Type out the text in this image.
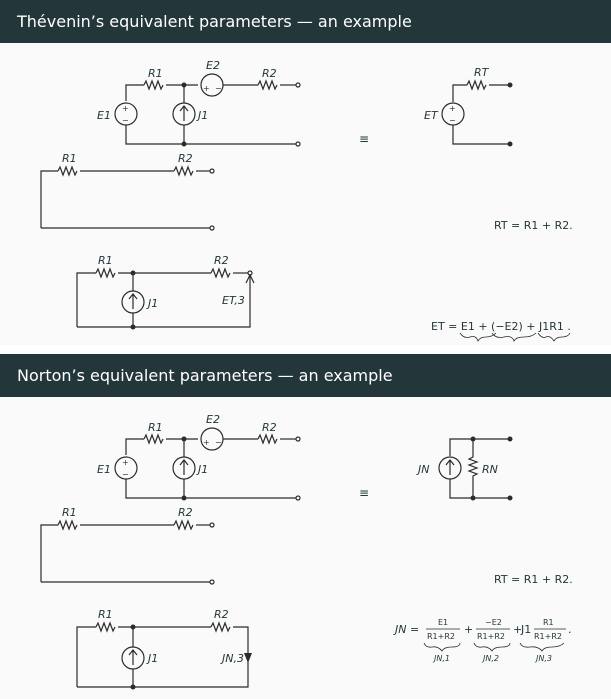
Thévenin’s equivalent parameters — an example
+ −
+
−
R1
E2
R2
E1	J1
R1	R2
R1	R2
J1	ET,3
≡
+
−
RT
ET
RT = R1 + R2.
ET = E1 + (−E2) + J1R1 .
Norton’s equivalent parameters — an example
+ −
+
−
R1
E2
R2
E1	J1
R1	R2
R1	R2
J1	JN,3
≡
JN	RN
RT = R1 + R2.
JN =
E1
R1+R2
+
−E2
R1+R2
+
J1
R1
R1+R2
.
JN,1	JN,2	JN,3
